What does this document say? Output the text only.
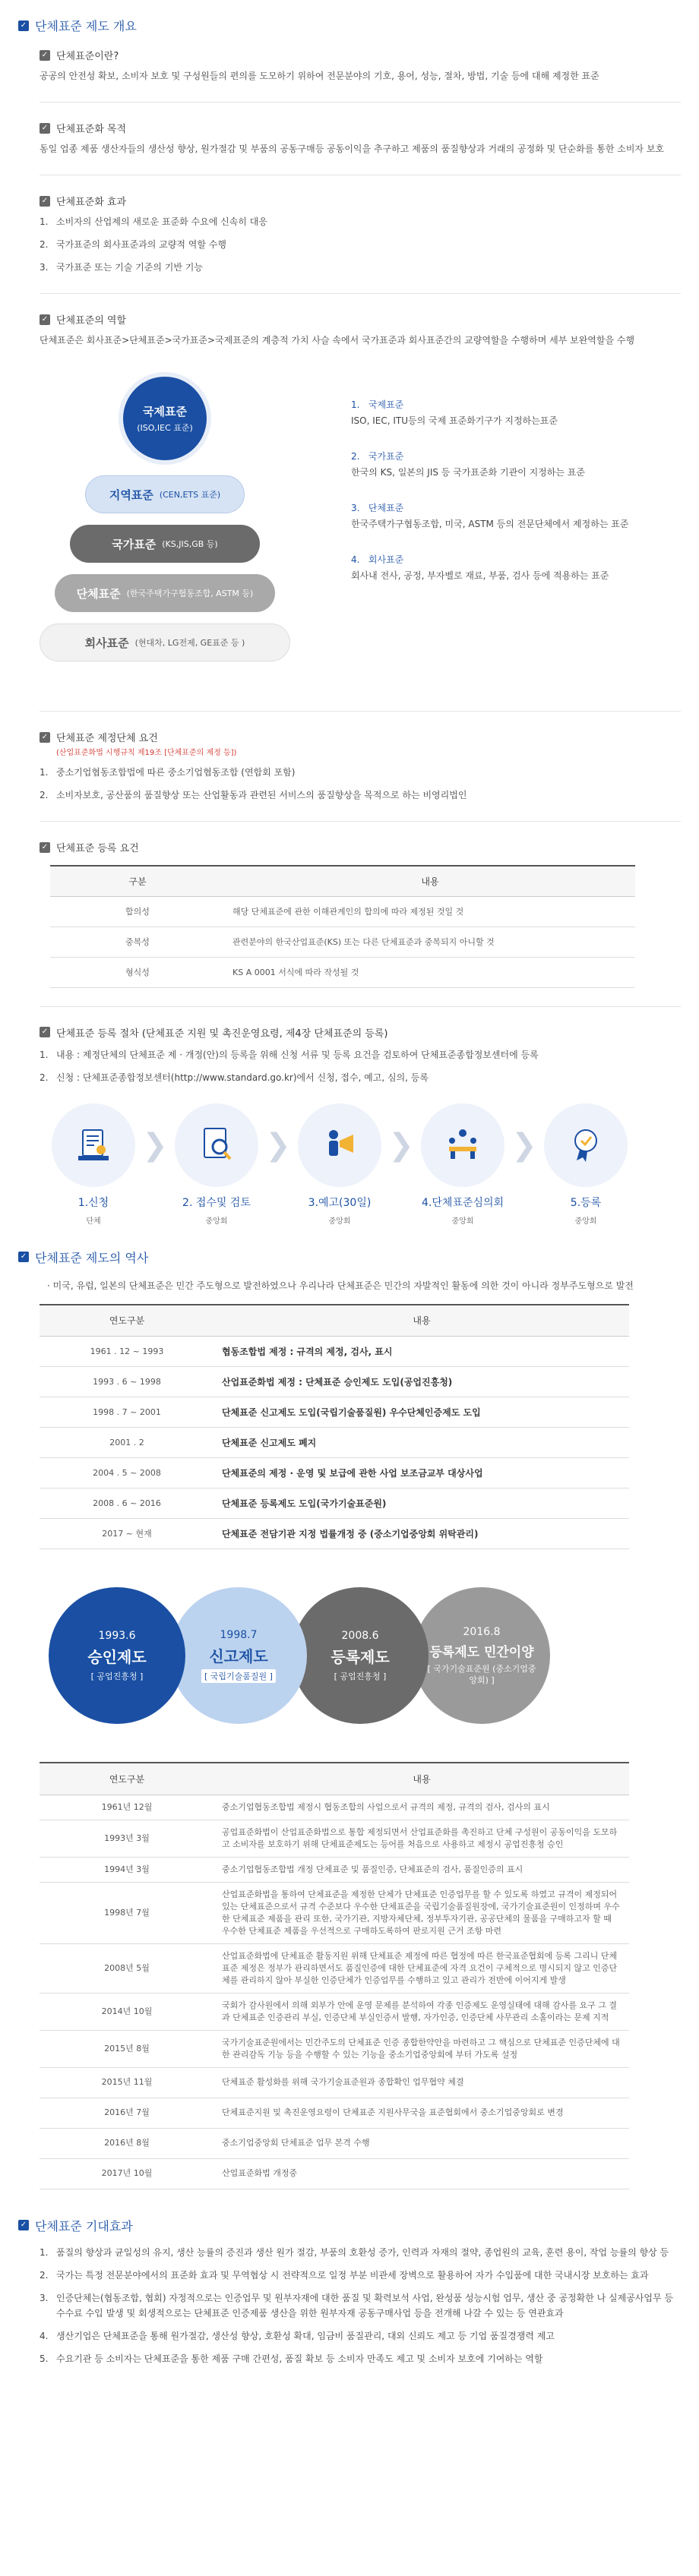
✓ 단체표준 제도 개요
✓ 단체표준이란?

공공의 안전성 확보, 소비자 보호 및 구성원들의 편의를 도모하기 위하여 전문분야의 기호, 용어, 성능, 절차, 방법, 기술 등에 대해 제정한 표준

✓ 단체표준화 목적

동일 업종 제품 생산자들의 생산성 향상, 원가절감 및 부품의 공동구매등 공동이익을 추구하고 제품의 품질향상과 거래의 공정화 및 단순화를 통한 소비자 보호

✓ 단체표준화 효과
1. 소비자의 산업제의 새로운 표준화 수요에 신속히 대응
2. 국가표준의 회사표준과의 교량적 역할 수행
3. 국가표준 또는 기술 기준의 기반 기능
✓ 단체표준의 역할

단체표준은 회사표준>단체표준>국가표준>국제표준의 계층적 가치 사슬 속에서 국가표준과 회사표준간의 교량역할을 수행하며 세부 보완역할을 수행

국제표준
(ISO,IEC 표준)
지역표준 (CEN,ETS 표준)
국가표준 (KS,JIS,GB 등)
단체표준 (한국주택가구협동조합, ASTM 등)
회사표준 (현대차, LG전제, GE표준 등 )
1. 국제표준
ISO, IEC, ITU등의 국제 표준화기구가 지정하는표준
2. 국가표준
한국의 KS, 일본의 JIS 등 국가표준화 기관이 지정하는 표준
3. 단체표준
한국주택가구협동조합, 미국, ASTM 등의 전문단체에서 제정하는 표준
4. 회사표준
회사내 전사, 공정, 부자벨로 재료, 부품, 검사 등에 적용하는 표준
✓ 단체표준 제정단체 요건
(산업표준화법 시행규칙 제19조 [단체표준의 제정 등])
1. 중소기업협동조합법에 따른 중소기업협동조합 (연합회 포함)
2. 소비자보호, 공산품의 품질향상 또는 산업활동과 관련된 서비스의 품질향상을 목적으로 하는 비영리법인
✓ 단체표준 등록 요건
구분	내용
합의성	해당 단체표준에 관한 이해관계인의 합의에 따라 제정된 것일 것
중복성	관련분야의 한국산업표준(KS) 또는 다른 단체표준과 중복되지 아니할 것
형식성	KS A 0001 서식에 따라 작성될 것
✓ 단체표준 등록 절차 (단체표준 지원 및 촉진운영요령, 제4장 단체표준의 등록)
1. 내용 : 제정단체의 단체표준 제 · 개정(안)의 등록을 위해 신청 서류 및 등록 요건을 검토하여 단체표준종합정보센터에 등록
2. 신청 : 단체표준종합정보센터(http://www.standard.go.kr)에서 신청, 접수, 예고, 심의, 등록
1.신청
단체
❯
2. 접수및 검토
중앙회
❯
3.예고(30일)
중앙회
❯
4.단체표준심의회
중앙회
❯
5.등록
중앙회
✓ 단체표준 제도의 역사

· 미국, 유럽, 일본의 단체표준은 민간 주도형으로 발전하였으나 우리나라 단체표준은 민간의 자발적인 활동에 의한 것이 아니라 정부주도형으로 발전

연도구분	내용
1961 . 12 ~ 1993	협동조합법 제정 : 규격의 제정, 검사, 표시
1993 . 6 ~ 1998	산업표준화법 제정 : 단체표준 승인제도 도입(공업진흥청)
1998 . 7 ~ 2001	단체표준 신고제도 도입(국립기술품질원) 우수단체인증제도 도입
2001 . 2	단체표준 신고제도 폐지
2004 . 5 ~ 2008	단체표준의 제정 · 운영 및 보급에 관한 사업 보조금교부 대상사업
2008 . 6 ~ 2016	단체표준 등록제도 도입(국가기술표준원)
2017 ~ 현재	단체표준 전담기관 지정 법률개정 중 (중소기업중앙회 위탁관리)
1993.6
승인제도
[ 공업진흥청 ]
1998.7
신고제도
[ 국립기술품질원 ]
2008.6
등록제도
[ 공업진흥청 ]
2016.8
등록제도 민간이양
[ 국가기술표준원 (중소기업중앙회) ]
연도구분	내용
1961년 12월	중소기업협동조합법 제정시 협동조합의 사업으로서 규격의 제정, 규격의 검사, 검사의 표시
1993년 3월	공업표준화법이 산업표준화법으로 통합 제정되면서 산업표준화를 촉진하고 단체 구성원이 공동이익을 도모하고 소비자를 보호하기 위해 단체표준제도는 등어를 처음으로 사용하고 제정시 공업진흥청 승인
1994년 3월	중소기업협동조합법 개정 단체표준 및 품질인증, 단체표준의 검사, 품질인증의 표시
1998년 7월	산업표준화법을 통하여 단체표준을 제정한 단체가 단체표준 인증업무를 할 수 있도록 하였고 규격이 제정되어 있는 단체표준으로서 규격 수준보다 우수한 단체표준을 국립기술품질원장에, 국가기술표준원이 인정하며 우수한 단체표준 제품을 관리 또한, 국가기관, 지방자체단체, 정부투자기관, 공공단체의 물품을 구매하고자 할 때 우수한 단체표준 제품을 우선적으로 구매하도록하여 판로지원 근거 조항 마련
2008년 5월	산업표준화법에 단체표준 활동지원 위해 단체표준 제정에 따른 협정에 따른 한국표준협회에 등록 그리니 단체표준 제정은 정부가 관리하면서도 품질인증에 대한 단체표준에 자격 요건이 구체적으로 명시되지 않고 인증단체를 관리하지 않아 부실한 인증단체가 인증업무를 수행하고 있고 관리가 전반에 이어지게 발생
2014년 10월	국회가 감사원에서 의해 외부가 안에 운영 문제를 분석하여 각종 인증제도 운영실태에 대해 감사를 요구 그 결과 단체표준 인증관리 부실, 인증단체 부실인증서 발행, 자가인증, 인증단체 사무관리 소홀이라는 문제 지적
2015년 8월	국가기술표준원에서는 민간주도의 단체표준 인증 종합한약안을 마련하고 그 핵심으로 단체표준 인증단체에 대한 관리감독 기능 등을 수행할 수 있는 기능을 중소기업중앙회에 부터 가도록 설정
2015년 11월	단체표준 활성화를 위해 국가기술표준원과 종합확인 업무협약 체결
2016년 7월	단체표준지원 및 촉진운영요령이 단체표준 지원사무국을 표준협회에서 중소기업중앙회로 변경
2016년 8월	중소기업중앙회 단체표준 업무 본격 수행
2017년 10월	산업표준화법 개정중
✓ 단체표준 기대효과
1. 품질의 향상과 균일성의 유지, 생산 능률의 증진과 생산 원가 절감, 부품의 호환성 증가, 인력과 자재의 절약, 종업원의 교육, 훈련 용이, 작업 능률의 향상 등
2. 국가는 특정 전문분야에서의 표준화 효과 및 무역협상 시 전략적으로 일정 부분 비관세 장벽으로 활용하여 자가 수입품에 대한 국내시장 보호하는 효과
3. 인증단체는(협동조합, 협회) 자정적으로는 인증업무 및 원부자재에 대한 품질 및 확력보석 사업, 완성품 성능시험 업무, 생산 중 공정확한 나 실제공사업무 등 수수료 수입 발생 및 회생적으로는 단체표준 인증제품 생산을 위한 원부자재 공동구매사업 등을 전개해 나갈 수 있는 등 연관효과
4. 생산기업은 단체표준을 통해 원가절감, 생산성 향상, 호환성 확대, 임금비 품질관리, 대외 신뢰도 제고 등 기업 품질경쟁력 제고
5. 수요기관 등 소비자는 단체표준을 통한 제품 구매 간편성, 품질 확보 등 소비자 만족도 제고 및 소비자 보호에 기여하는 역할
